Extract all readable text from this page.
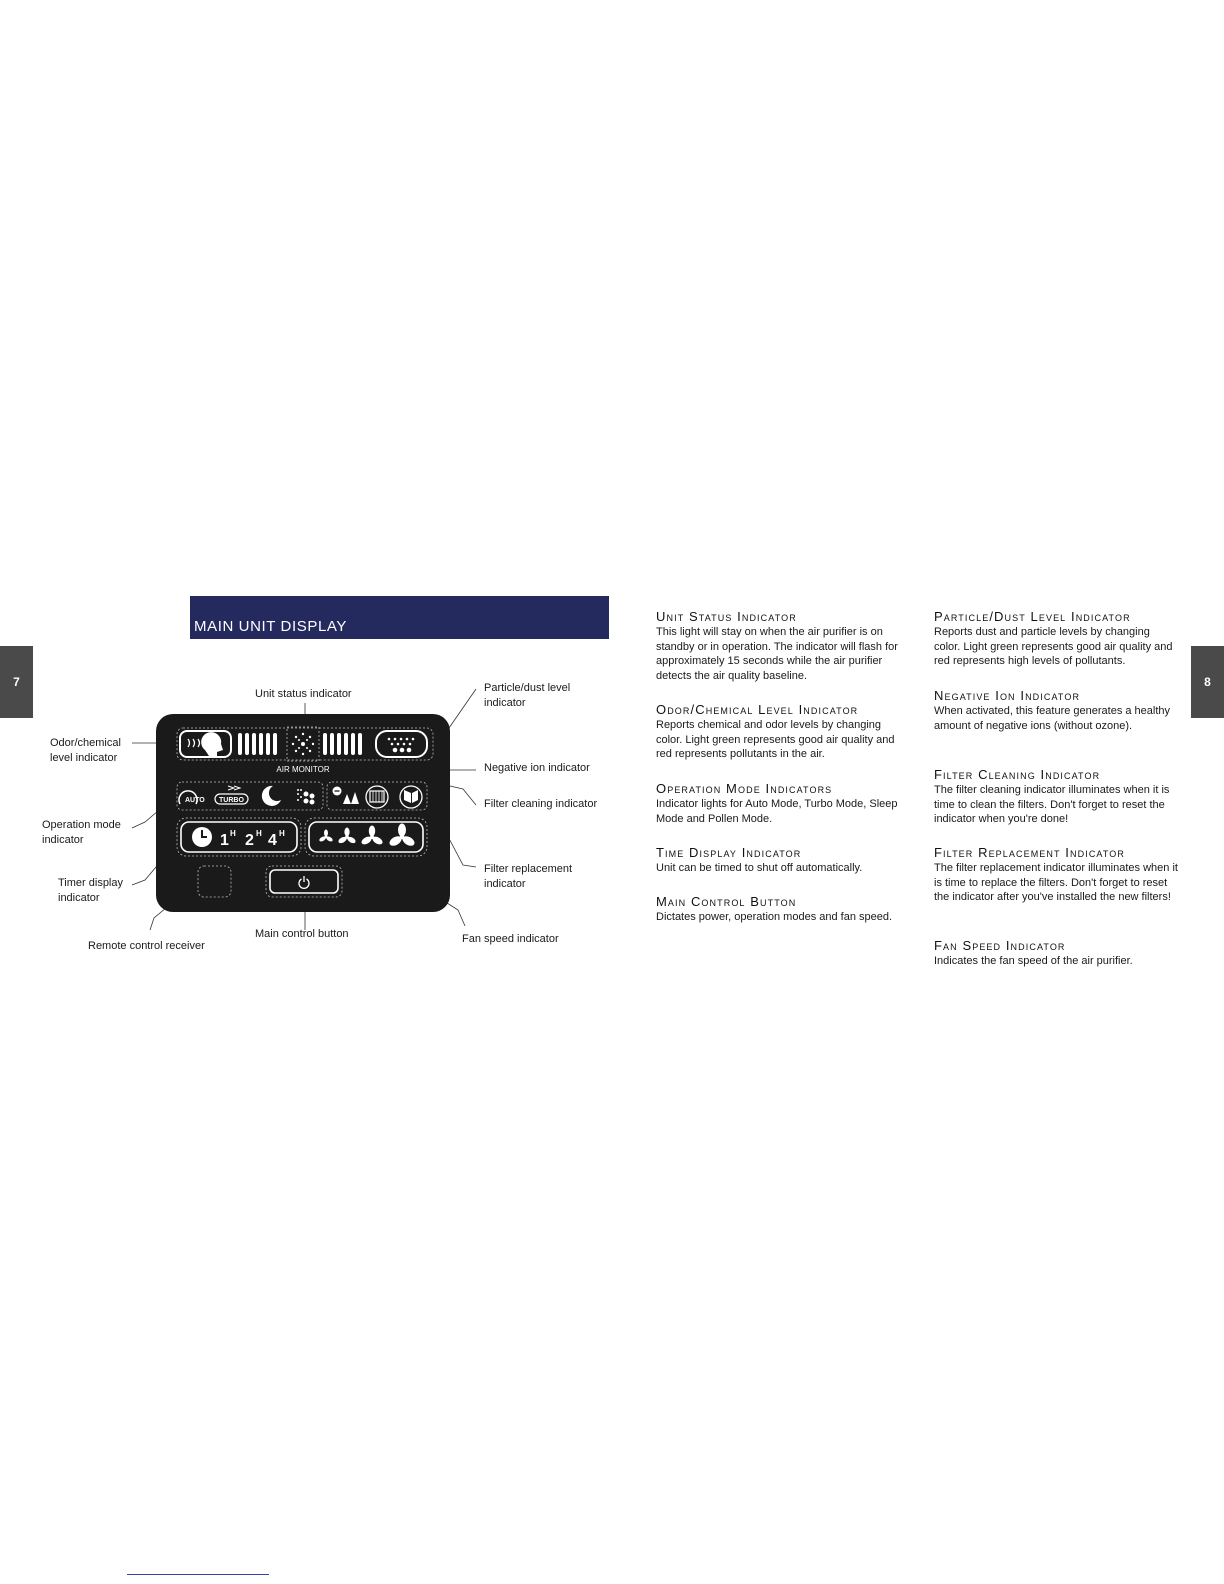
7	8
MAIN UNIT DISPLAY
AIR MONITOR
AUTO TURBO
1 H 2 H 4 H
Unit status indicator	Particle/dust level
indicator
Odor/chemical
level indicator
Negative ion indicator
Filter cleaning indicator
Operation mode
indicator
Timer display
indicator
Filter replacement
indicator
Main control button
Remote control receiver
Fan speed indicator
Unit Status Indicator

This light will stay on when the air purifier is on standby or in operation. The indicator will flash for approximately 15 seconds while the air purifier detects the air quality baseline.

Odor/Chemical Level Indicator

Reports chemical and odor levels by changing color. Light green represents good air quality and red represents pollutants in the air.

Operation Mode Indicators

Indicator lights for Auto Mode, Turbo Mode, Sleep Mode and Pollen Mode.

Time Display Indicator

Unit can be timed to shut off automatically.

Main Control Button

Dictates power, operation modes and fan speed.

Particle/Dust Level Indicator

Reports dust and particle levels by changing color. Light green represents good air quality and red represents high levels of pollutants.

Negative Ion Indicator

When activated, this feature generates a healthy amount of negative ions (without ozone).

Filter Cleaning Indicator

The filter cleaning indicator illuminates when it is time to clean the filters. Don't forget to reset the indicator when you're done!

Filter Replacement Indicator

The filter replacement indicator illuminates when it is time to replace the filters. Don't forget to reset the indicator after you've installed the new filters!

Fan Speed Indicator

Indicates the fan speed of the air purifier.
